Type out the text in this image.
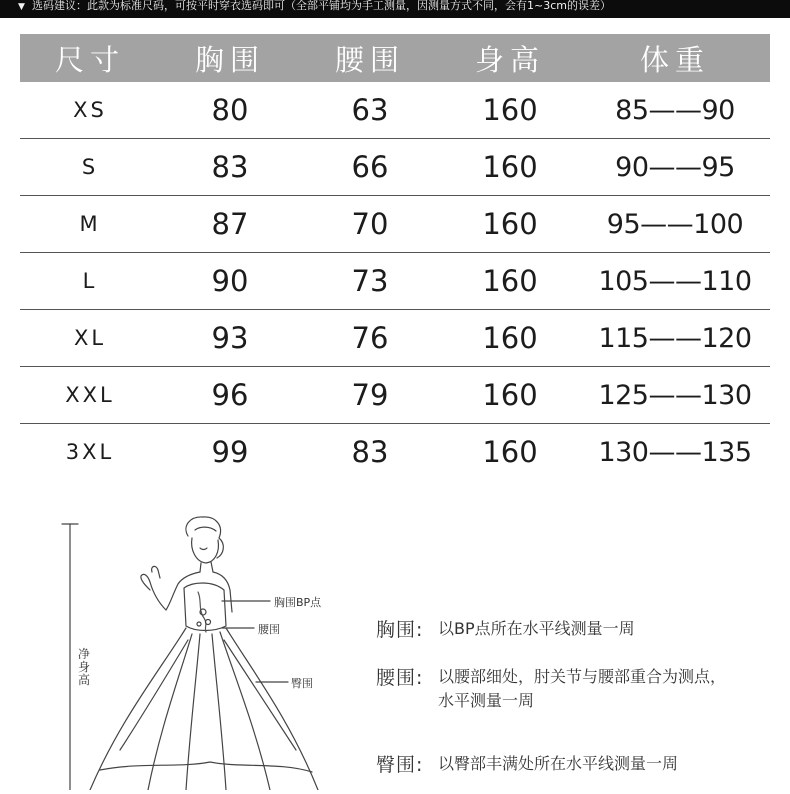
▼ 选码建议：此款为标准尺码，可按平时穿衣选码即可（全部平铺均为手工测量，因测量方式不同，会有1~3cm的误差）
尺寸	胸围	腰围	身高	体重
XS	80	63	160	85——90
S	83	66	160	90——95
M	87	70	160	95——100
L	90	73	160	105——110
XL	93	76	160	115——120
XXL	96	79	160	125——130
3XL	99	83	160	130——135
净身高
胸围BP点
腰围
臀围
胸围: 以BP点所在水平线测量一周
腰围: 以腰部细处，肘关节与腰部重合为测点，水平测量一周
臀围: 以臀部丰满处所在水平线测量一周
